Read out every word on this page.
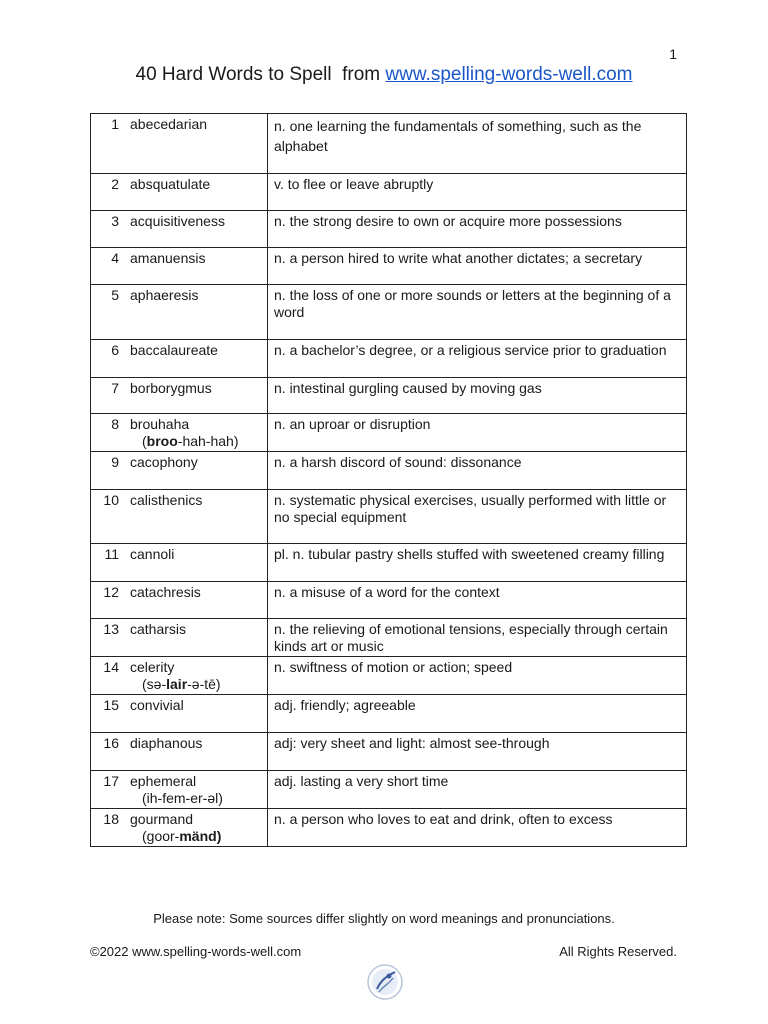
1
40 Hard Words to Spell  from www.spelling-words-well.com
1 abecedarian	n. one learning the fundamentals of something, such as the alphabet
2 absquatulate	v. to flee or leave abruptly
3 acquisitiveness	n. the strong desire to own or acquire more possessions
4 amanuensis	n. a person hired to write what another dictates; a secretary
5 aphaeresis	n. the loss of one or more sounds or letters at the beginning of a word
6 baccalaureate	n. a bachelor’s degree, or a religious service prior to graduation
7 borborygmus	n. intestinal gurgling caused by moving gas
8 brouhaha
(broo-hah-hah)	n. an uproar or disruption
9 cacophony	n. a harsh discord of sound: dissonance
10 calisthenics	n. systematic physical exercises, usually performed with little or no special equipment
11 cannoli	pl. n. tubular pastry shells stuffed with sweetened creamy filling
12 catachresis	n. a misuse of a word for the context
13 catharsis	n. the relieving of emotional tensions, especially through certain kinds art or music
14 celerity
(sə-lair-ə-tē)	n. swiftness of motion or action; speed
15 convivial	adj. friendly; agreeable
16 diaphanous	adj: very sheet and light: almost see-through
17 ephemeral
(ih-fem-er-əl)	adj. lasting a very short time
18 gourmand
(goor-mänd)	n. a person who loves to eat and drink, often to excess
Please note: Some sources differ slightly on word meanings and pronunciations.
©2022 www.spelling-words-well.com	All Rights Reserved.
